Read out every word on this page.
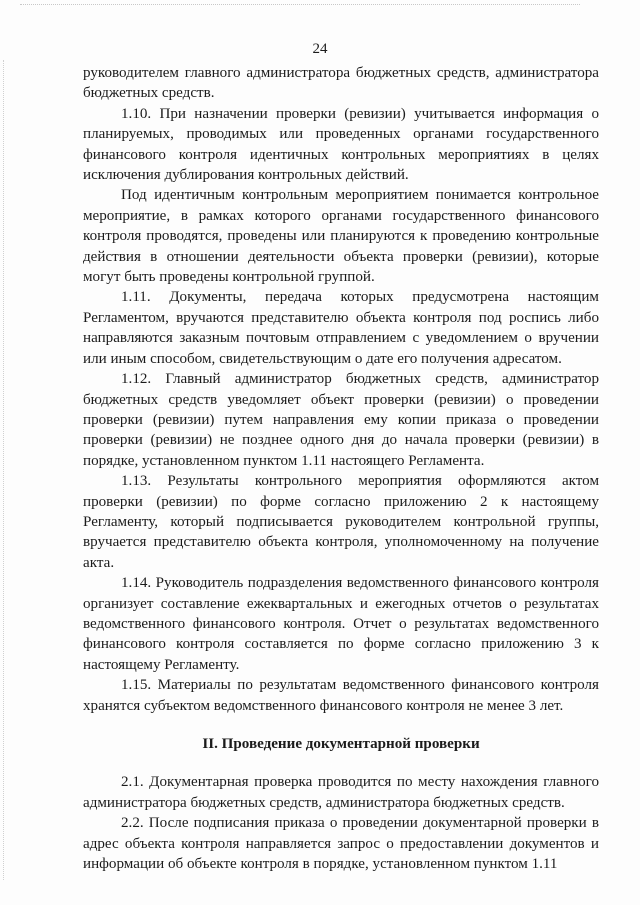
24

руководителем главного администратора бюджетных средств, администратора бюджетных средств.

1.10. При назначении проверки (ревизии) учитывается информация о планируемых, проводимых или проведенных органами государственного финансового контроля идентичных контрольных мероприятиях в целях исключения дублирования контрольных действий.

Под идентичным контрольным мероприятием понимается контрольное мероприятие, в рамках которого органами государственного финансового контроля проводятся, проведены или планируются к проведению контрольные действия в отношении деятельности объекта проверки (ревизии), которые могут быть проведены контрольной группой.

1.11. Документы, передача которых предусмотрена настоящим Регламентом, вручаются представителю объекта контроля под роспись либо направляются заказным почтовым отправлением с уведомлением о вручении или иным способом, свидетельствующим о дате его получения адресатом.

1.12. Главный администратор бюджетных средств, администратор бюджетных средств уведомляет объект проверки (ревизии) о проведении проверки (ревизии) путем направления ему копии приказа о проведении проверки (ревизии) не позднее одного дня до начала проверки (ревизии) в порядке, установленном пунктом 1.11 настоящего Регламента.

1.13. Результаты контрольного мероприятия оформляются актом проверки (ревизии) по форме согласно приложению 2 к настоящему Регламенту, который подписывается руководителем контрольной группы, вручается представителю объекта контроля, уполномоченному на получение акта.

1.14. Руководитель подразделения ведомственного финансового контроля организует составление ежеквартальных и ежегодных отчетов о результатах ведомственного финансового контроля. Отчет о результатах ведомственного финансового контроля составляется по форме согласно приложению 3 к настоящему Регламенту.

1.15. Материалы по результатам ведомственного финансового контроля хранятся субъектом ведомственного финансового контроля не менее 3 лет.

II. Проведение документарной проверки

2.1. Документарная проверка проводится по месту нахождения главного администратора бюджетных средств, администратора бюджетных средств.

2.2. После подписания приказа о проведении документарной проверки в адрес объекта контроля направляется запрос о предоставлении документов и информации об объекте контроля в порядке, установленном пунктом 1.11
